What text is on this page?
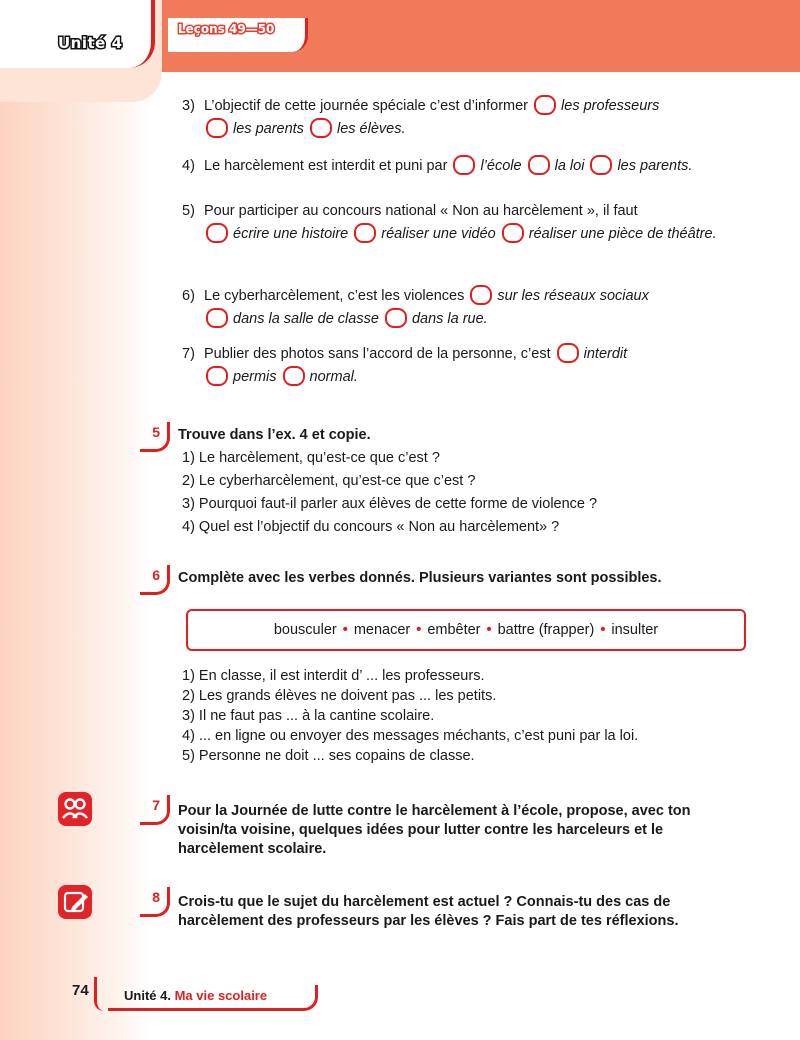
Unité 4
Leçons 49—50
3) L’objectif de cette journée spéciale c’est d’informer les professeurs

les parents les élèves.
4) Le harcèlement est interdit et puni par l’école la loi les parents.
5) Pour participer au concours national « Non au harcèlement », il faut

écrire une histoire réaliser une vidéo réaliser une pièce de théâtre.
6) Le cyberharcèlement, c’est les violences sur les réseaux sociaux

dans la salle de classe dans la rue.
7) Publier des photos sans l’accord de la personne, c’est interdit

permis normal.
5 Trouve dans l’ex. 4 et copie.
1) Le harcèlement, qu’est-ce que c’est ?
2) Le cyberharcèlement, qu’est-ce que c’est ?
3) Pourquoi faut-il parler aux élèves de cette forme de violence ?
4) Quel est l’objectif du concours « Non au harcèlement» ?
6 Complète avec les verbes donnés. Plusieurs variantes sont possibles.
bousculer • menacer • embêter • battre (frapper) • insulter
1) En classe, il est interdit d’ ... les professeurs.
2) Les grands élèves ne doivent pas ... les petits.
3) Il ne faut pas ... à la cantine scolaire.
4) ... en ligne ou envoyer des messages méchants, c’est puni par la loi.
5) Personne ne doit ... ses copains de classe.
7 Pour la Journée de lutte contre le harcèlement à l’école, propose, avec ton voisin/ta voisine, quelques idées pour lutter contre les harceleurs et le harcèlement scolaire.
8 Crois-tu que le sujet du harcèlement est actuel ? Connais-tu des cas de harcèlement des professeurs par les élèves ? Fais part de tes réflexions.
74	Unité 4. Ma vie scolaire
